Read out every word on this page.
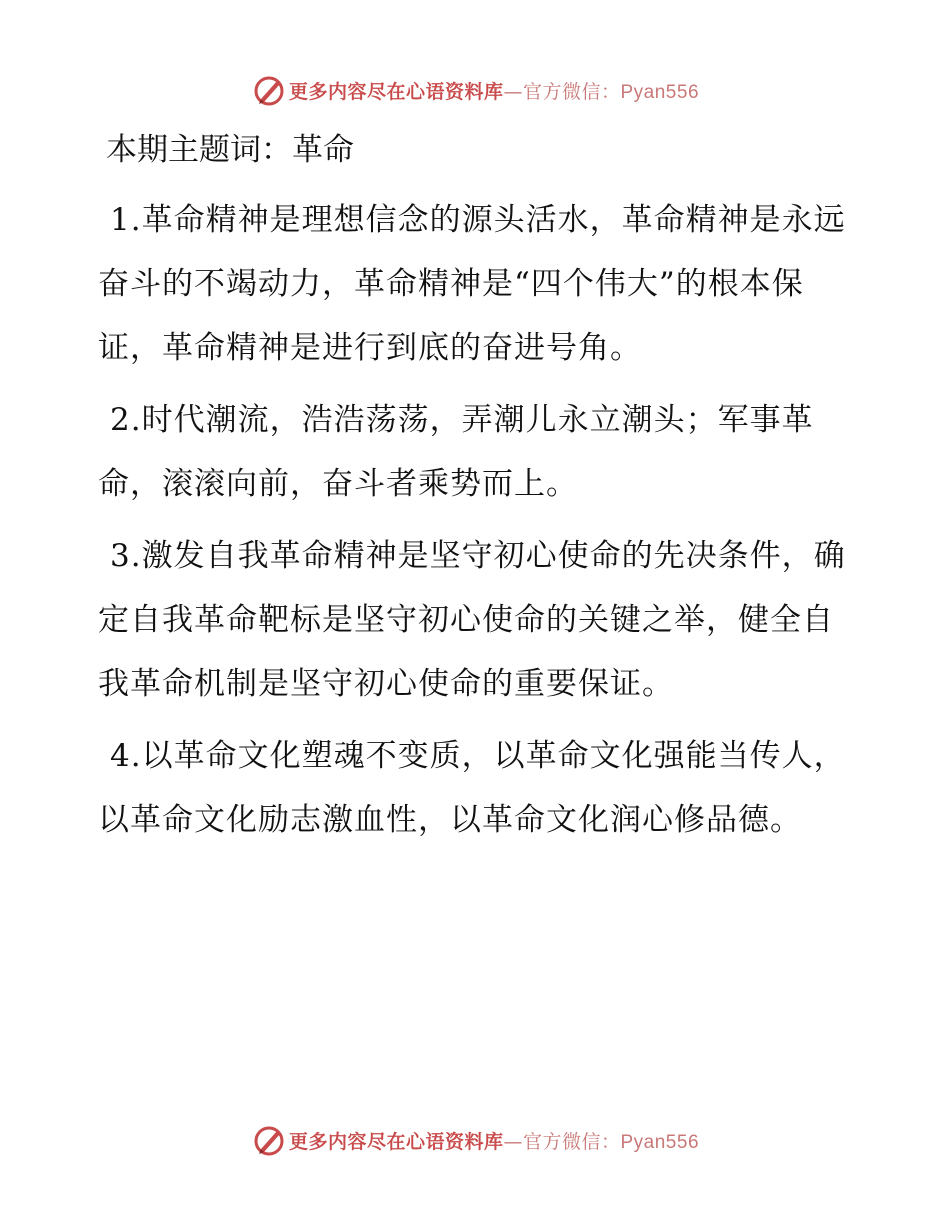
更多内容尽在心语资料库—官方微信：Pyan556

本期主题词：革命

1.革命精神是理想信念的源头活水，革命精神是永远奋斗的不竭动力，革命精神是“四个伟大”的根本保证，革命精神是进行到底的奋进号角。

2.时代潮流，浩浩荡荡，弄潮儿永立潮头；军事革命，滚滚向前，奋斗者乘势而上。

3.激发自我革命精神是坚守初心使命的先决条件，确定自我革命靶标是坚守初心使命的关键之举，健全自我革命机制是坚守初心使命的重要保证。

4.以革命文化塑魂不变质，以革命文化强能当传人，以革命文化励志激血性，以革命文化润心修品德。

更多内容尽在心语资料库—官方微信：Pyan556
